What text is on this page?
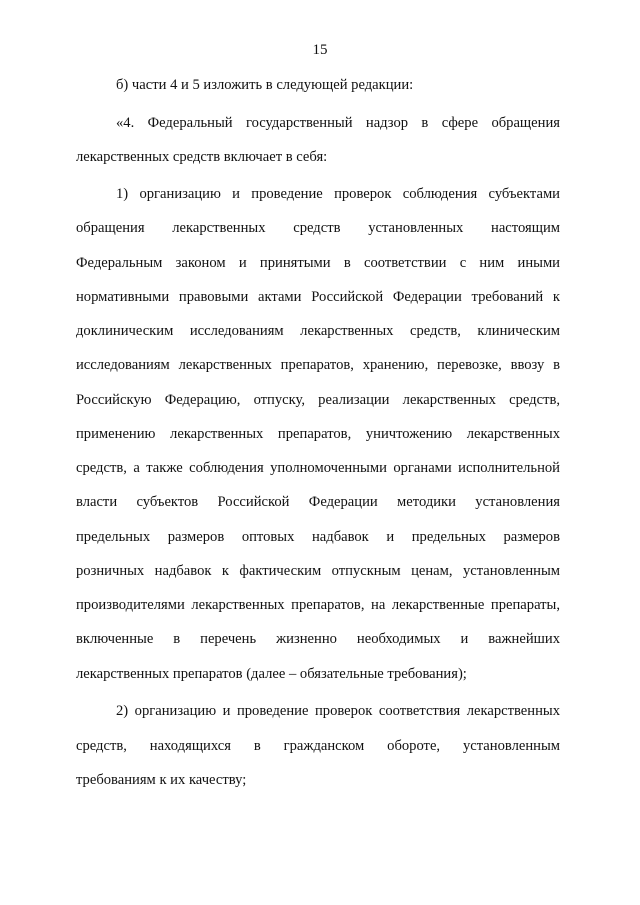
15

б) части 4 и 5 изложить в следующей редакции:

«4. Федеральный государственный надзор в сфере обращения

лекарственных средств включает в себя:

1) организацию и проведение проверок соблюдения субъектами

обращения лекарственных средств установленных настоящим

Федеральным законом и принятыми в соответствии с ним иными

нормативными правовыми актами Российской Федерации требований к

доклиническим исследованиям лекарственных средств, клиническим

исследованиям лекарственных препаратов, хранению, перевозке, ввозу в

Российскую Федерацию, отпуску, реализации лекарственных средств,

применению лекарственных препаратов, уничтожению лекарственных

средств, а также соблюдения уполномоченными органами исполнительной

власти субъектов Российской Федерации методики установления

предельных размеров оптовых надбавок и предельных размеров

розничных надбавок к фактическим отпускным ценам, установленным

производителями лекарственных препаратов, на лекарственные препараты,

включенные в перечень жизненно необходимых и важнейших

лекарственных препаратов (далее – обязательные требования);

2) организацию и проведение проверок соответствия лекарственных

средств, находящихся в гражданском обороте, установленным

требованиям к их качеству;
